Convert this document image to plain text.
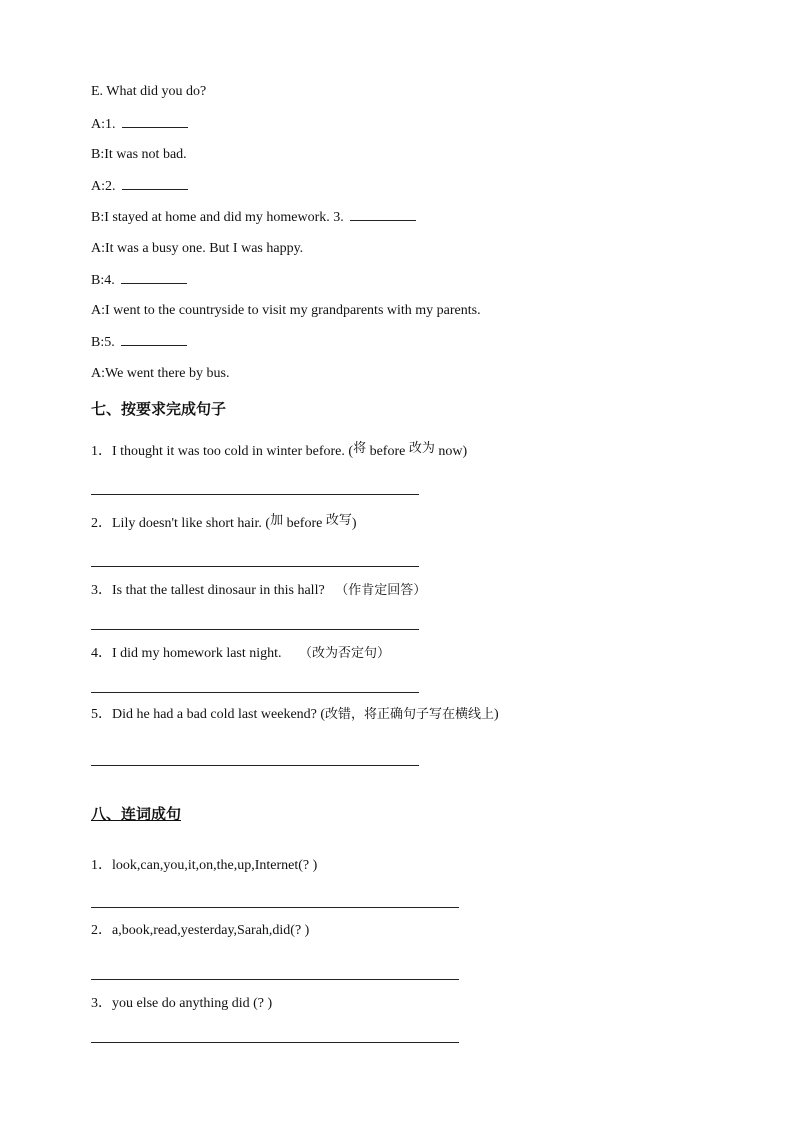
E. What did you do?
A:1.
B:It was not bad.
A:2.
B:I stayed at home and did my homework. 3.
A:It was a busy one. But I was happy.
B:4.
A:I went to the countryside to visit my grandparents with my parents.
B:5.
A:We went there by bus.
七、按要求完成句子
1．I thought it was too cold in winter before. (将 before 改为 now)
2．Lily doesn't like short hair. (加 before 改写)
3．Is that the tallest dinosaur in this hall? （作肯定回答）
4．I did my homework last night. （改为否定句）
5．Did he had a bad cold last weekend? (改错，将正确句子写在横线上)
八、连词成句
1．look,can,you,it,on,the,up,Internet(? )
2．a,book,read,yesterday,Sarah,did(? )
3．you else do anything did (? )
